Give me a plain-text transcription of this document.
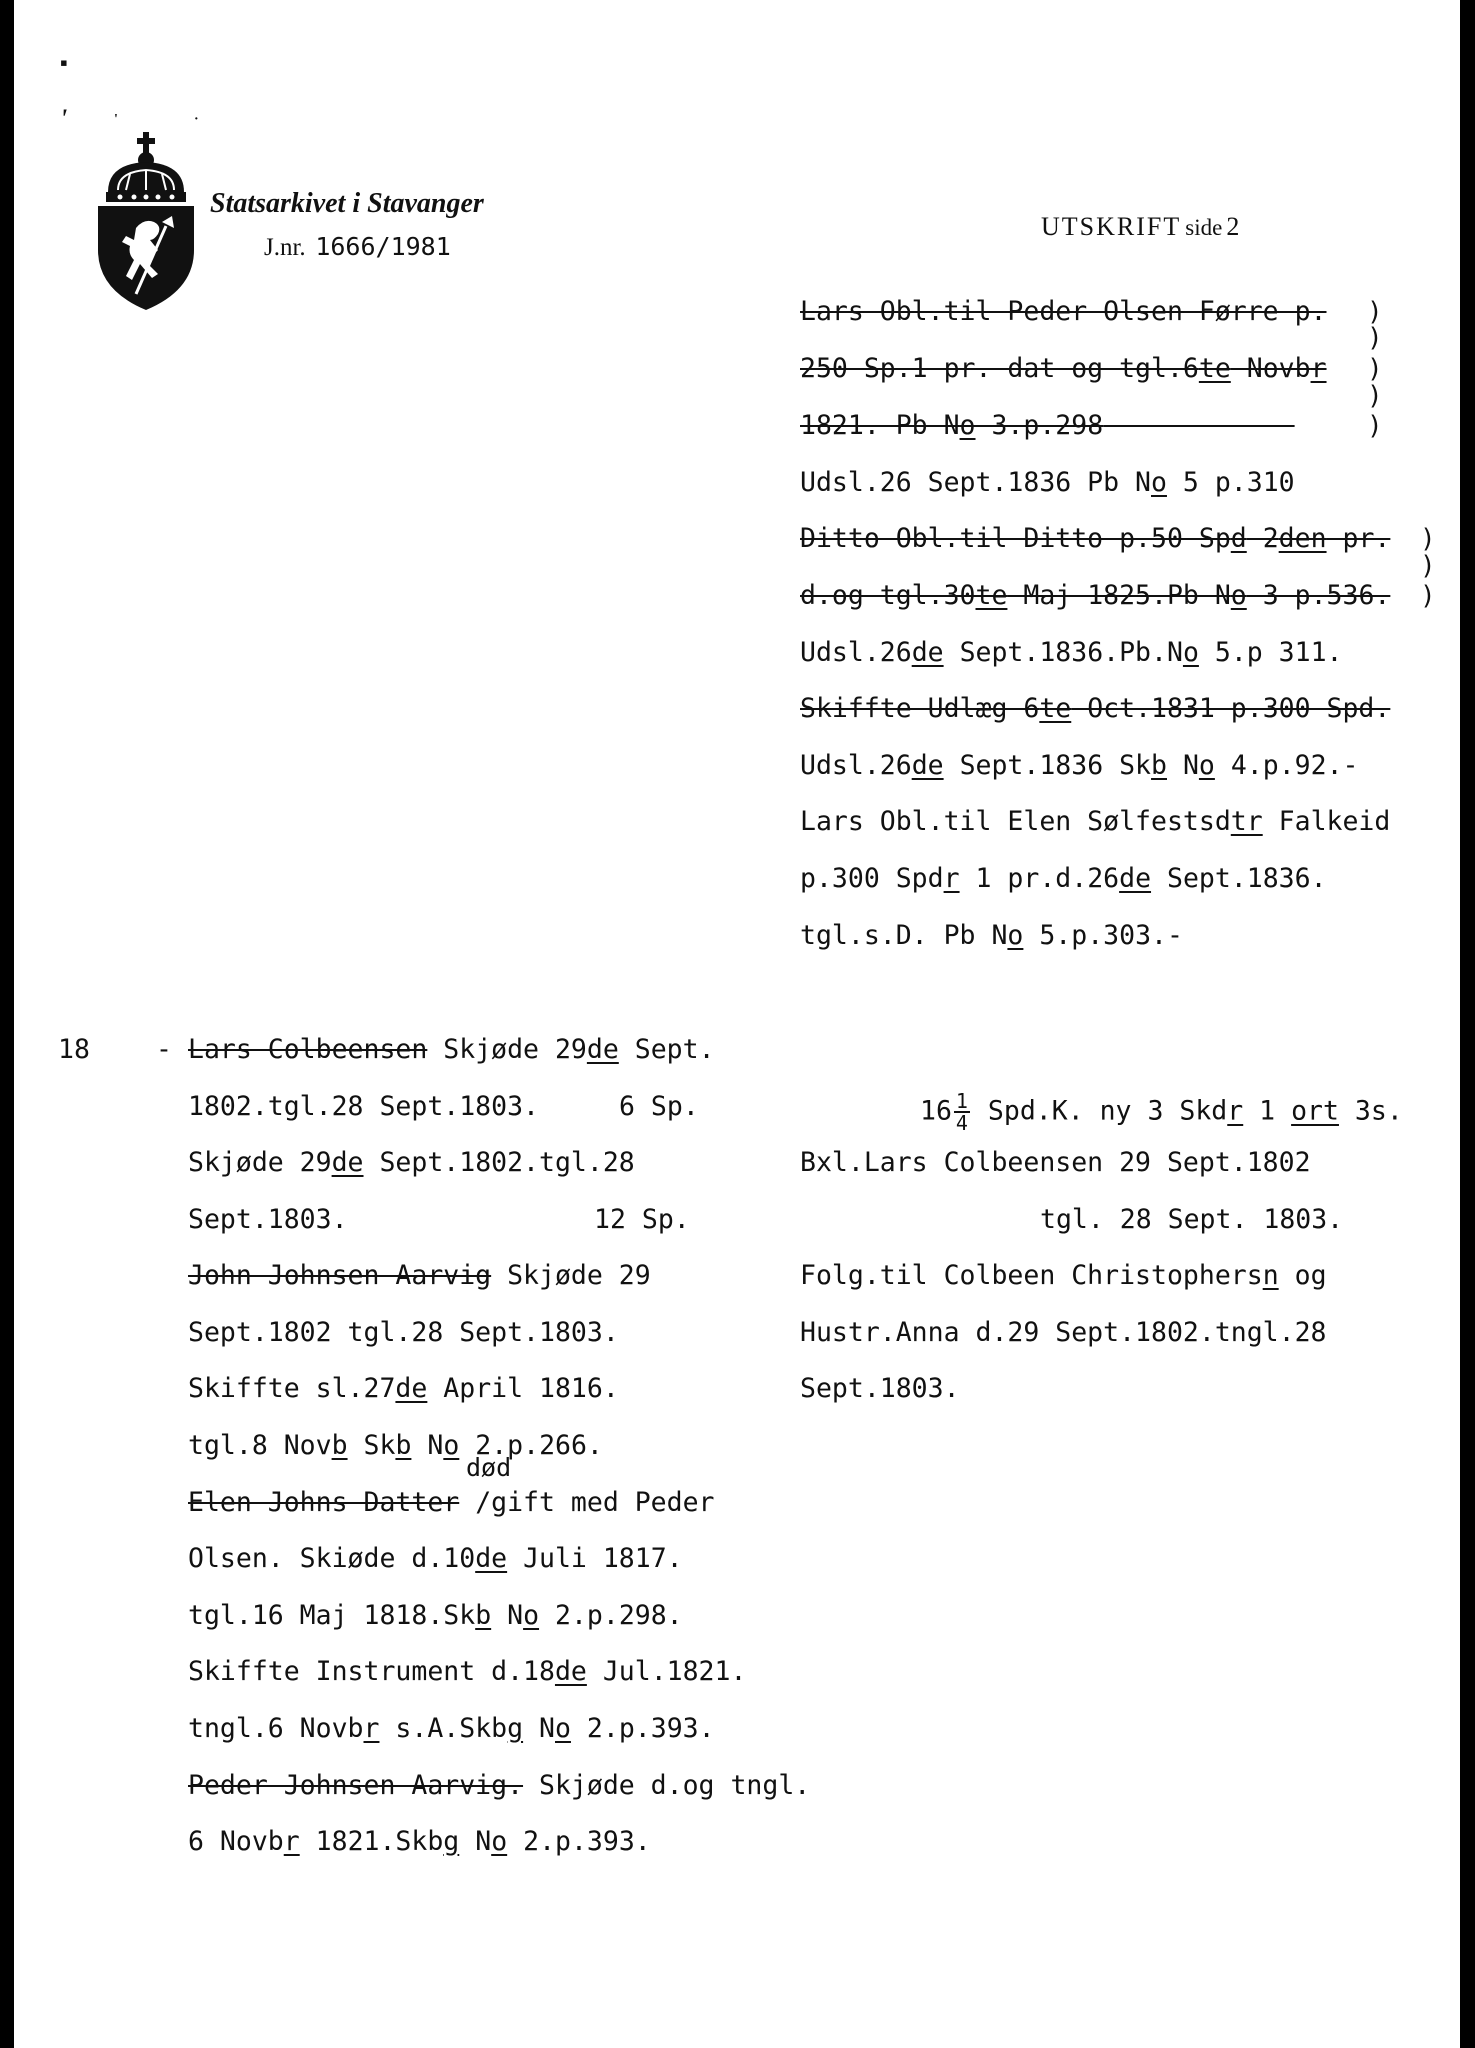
▪
'	'	·
Statsarkivet i Stavanger
J.nr. 1666/1981
UTSKRIFT side 2
Lars Obl.til Peder Olsen Førre p. )
)
250 Sp.1 pr. dat og tgl.6te Novbr )
)
1821. Pb No 3.p.298	)
Udsl.26 Sept.1836 Pb No 5 p.310
Ditto Obl.til Ditto p.50 Spd 2den pr. )
)
d.og tgl.30te Maj 1825.Pb No 3 p.536. )
Udsl.26de Sept.1836.Pb.No 5.p 311.
Skiffte Udlæg 6te Oct.1831 p.300 Spd.
Udsl.26de Sept.1836 Skb No 4.p.92.-
Lars Obl.til Elen Sølfestsdtr Falkeid
p.300 Spdr 1 pr.d.26de Sept.1836.
tgl.s.D. Pb No 5.p.303.-
18 - Lars Colbeensen Skjøde 29de Sept.
1802.tgl.28 Sept.1803.	6 Sp.
Skjøde 29de Sept.1802.tgl.28
Sept.1803.	12 Sp.
John Johnsen Aarvig Skjøde 29
Sept.1802 tgl.28 Sept.1803.
Skiffte sl.27de April 1816.
tgl.8 Novb Skb No 2.p.266.
død
Elen Johns Datter /gift med Peder
Olsen. Skiøde d.10de Juli 1817.
tgl.16 Maj 1818.Skb No 2.p.298.
Skiffte Instrument d.18de Jul.1821.
tngl.6 Novbr s.A.Skbg No 2.p.393.
Peder Johnsen Aarvig. Skjøde d.og tngl.
6 Novbr 1821.Skbg No 2.p.393.
$16 \frac{1}{4} Spd.K$. ny 3 Skdr 1 ort 3s.
Bxl.Lars Colbeensen 29 Sept.1802
tgl. 28 Sept. 1803.
Folg.til Colbeen Christophersn og
Hustr.Anna d.29 Sept.1802.tngl.28
Sept.1803.
